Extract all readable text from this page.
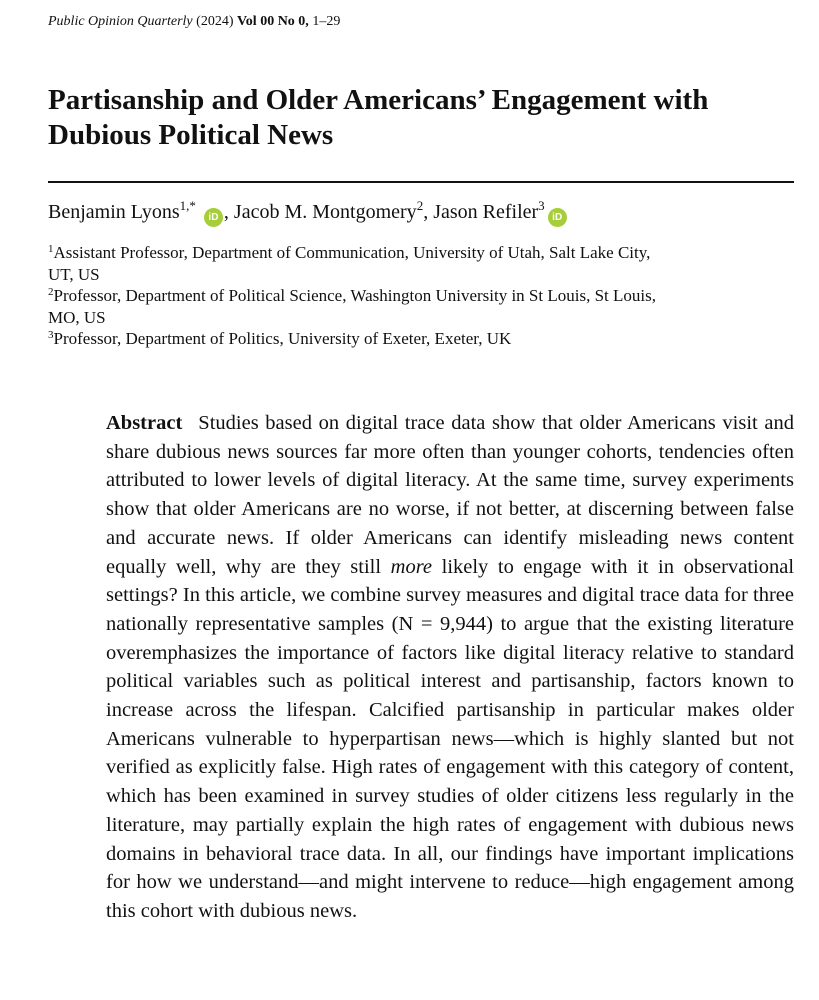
Public Opinion Quarterly (2024) Vol 00 No 0, 1–29
Partisanship and Older Americans’ Engagement with
Dubious Political News
Benjamin Lyons$^{1,*}$ iD , Jacob M. Montgomery$^2$, Jason Refiler$^3$iD

$^1$Assistant Professor, Department of Communication, University of Utah, Salt Lake City,
UT, US

$^2$Professor, Department of Political Science, Washington University in St Louis, St Louis,
MO, US

$^3$Professor, Department of Politics, University of Exeter, Exeter, UK

Abstract Studies based on digital trace data show that older Americans visit and share dubious news sources far more often than younger cohorts, tendencies often attributed to lower levels of digital literacy. At the same time, survey experiments show that older Americans are no worse, if not better, at discerning between false and accurate news. If older Americans can identify misleading news content equally well, why are they still more likely to engage with it in observational settings? In this article, we combine survey measures and digital trace data for three nationally representative samples (N = 9,944) to argue that the existing literature overemphasizes the importance of factors like digital literacy relative to standard political variables such as political interest and partisanship, factors known to increase across the lifespan. Calcified partisanship in particular makes older Americans vulnerable to hyperpartisan news—which is highly slanted but not verified as explicitly false. High rates of engagement with this category of content, which has been examined in survey studies of older citizens less regularly in the literature, may partially explain the high rates of engagement with dubious news domains in behavioral trace data. In all, our findings have important implications for how we understand—and might intervene to reduce—high engagement among this cohort with dubious news.
